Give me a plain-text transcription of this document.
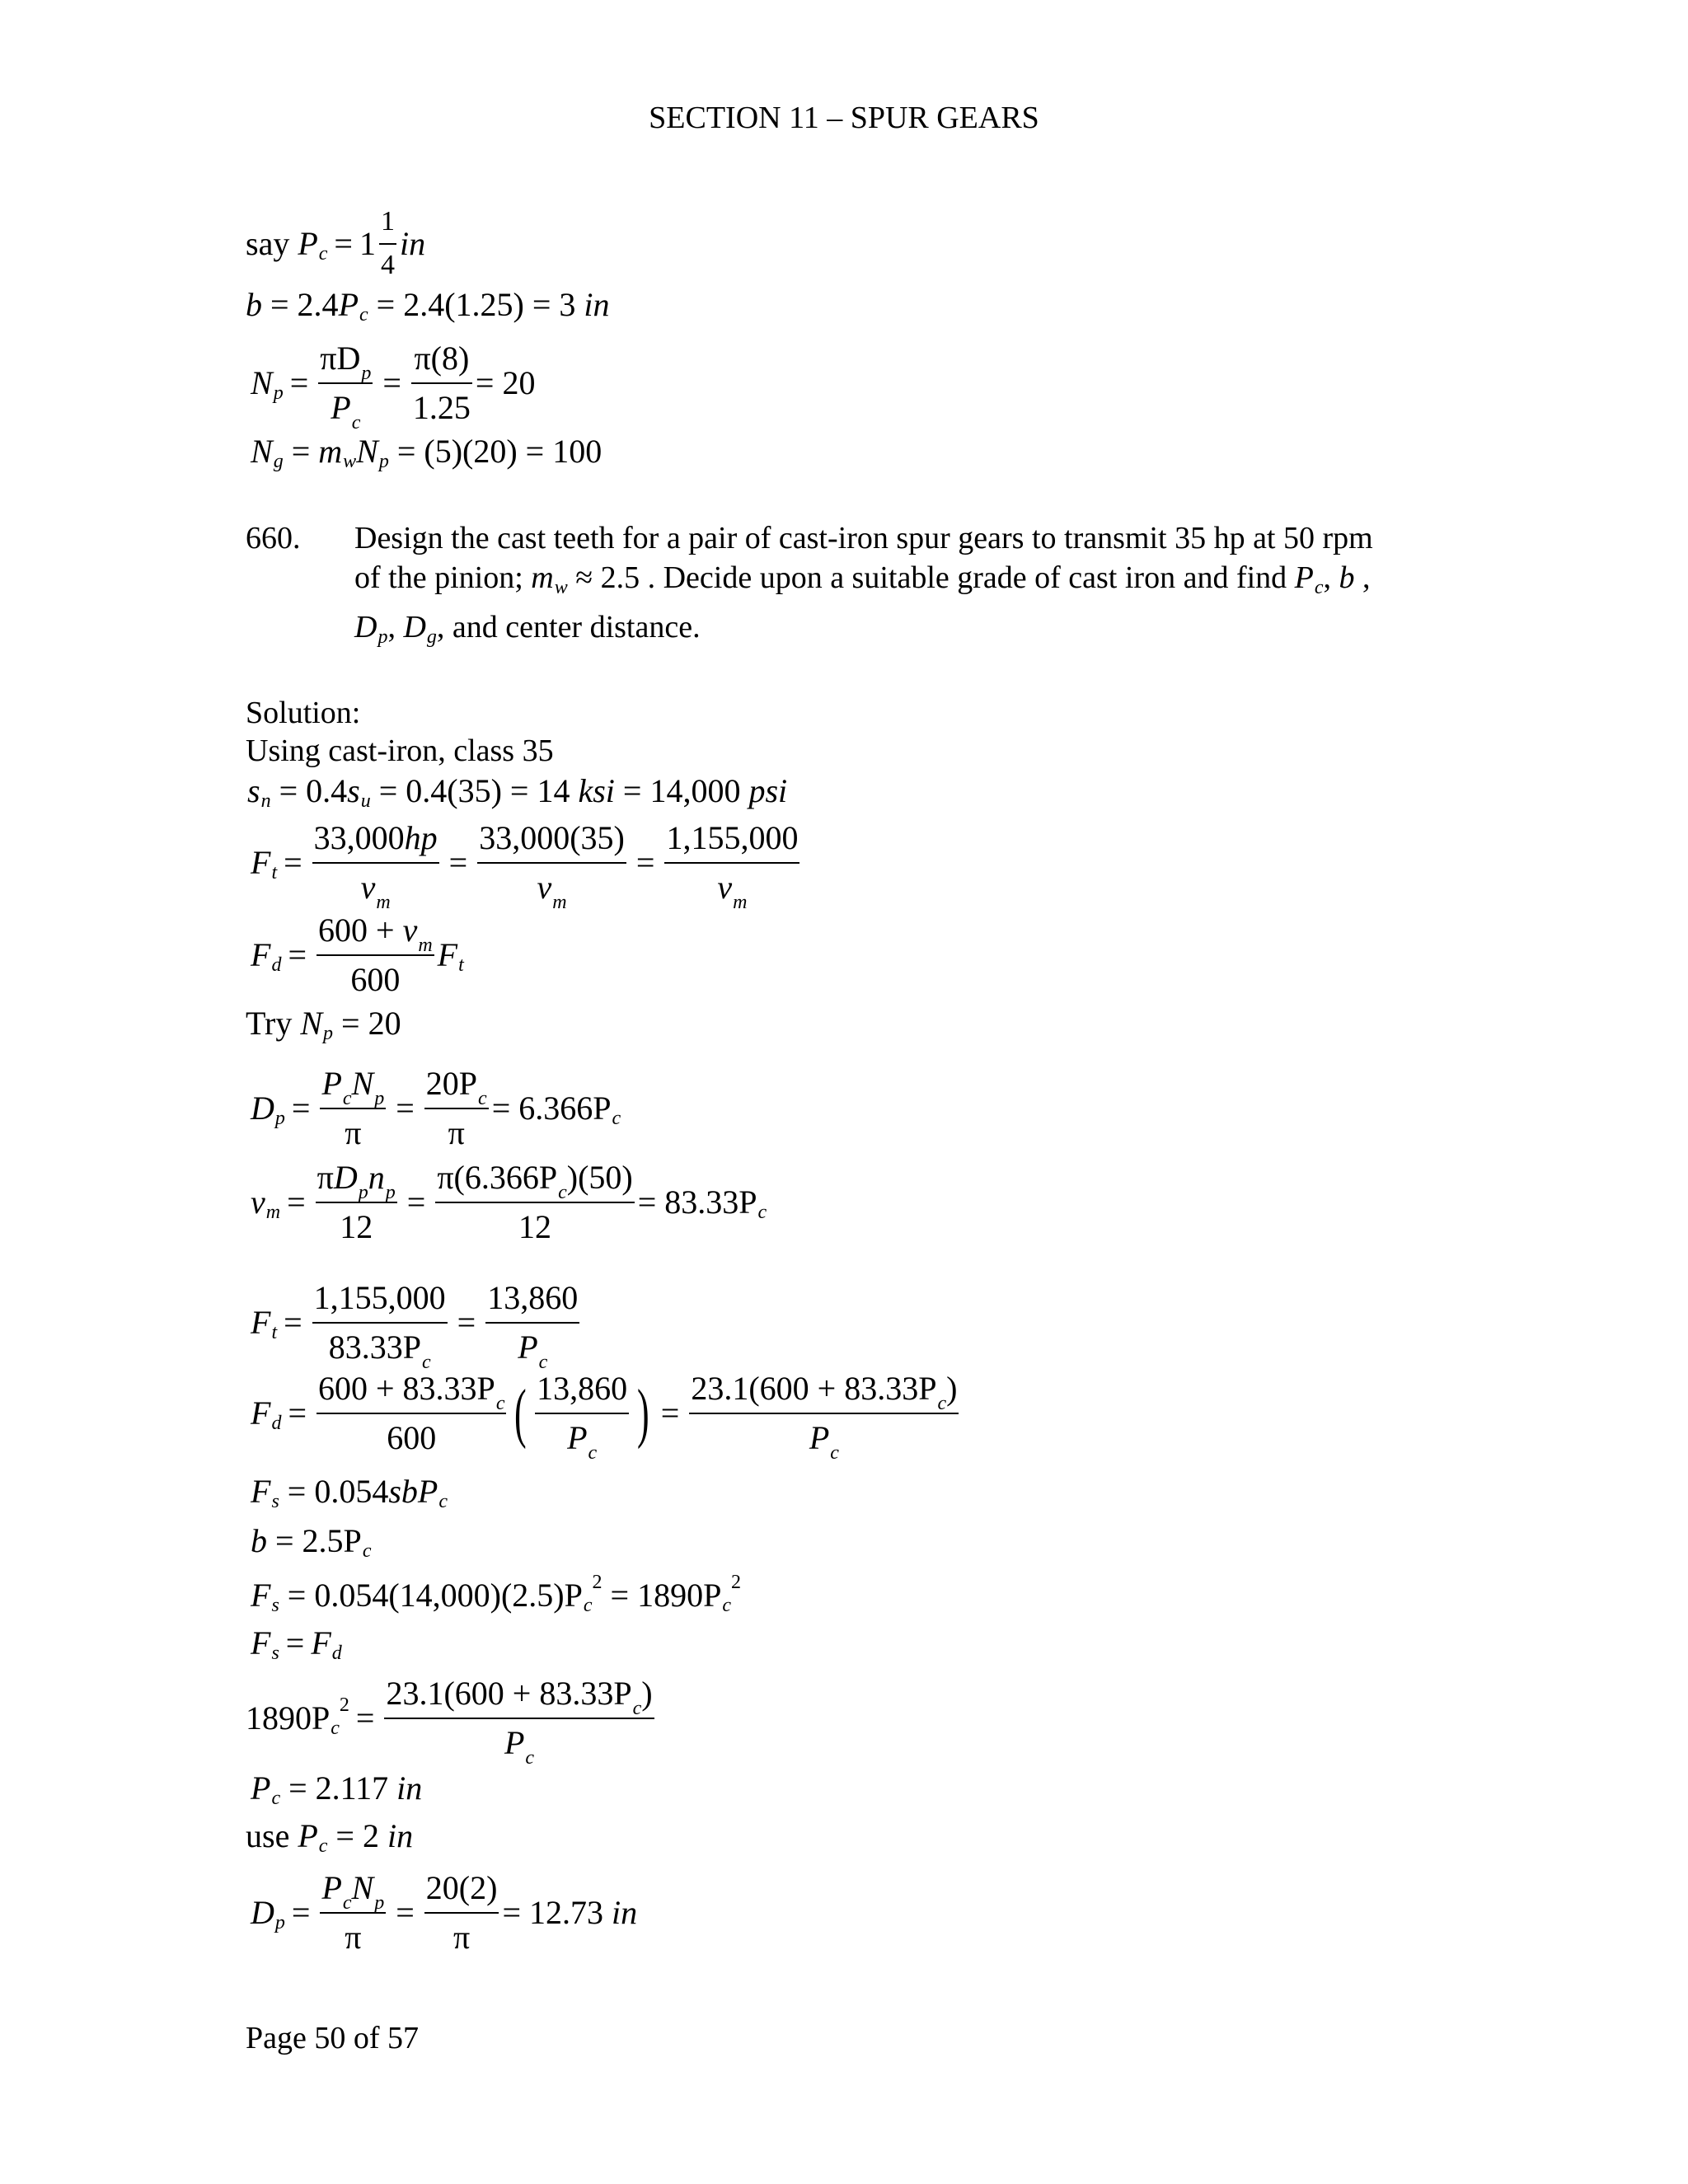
SECTION 11 – SPUR GEARS
say
P $c = 1 \frac{1}{4}$ in
b = 2.4 P c
= 2.4(1.25) = 3
in
N $p = \frac{\pi D_p}{P_c} = \frac{\pi(8)}{1.25} = 20$
N g = m w N p
= (5)(20) = 100
660. Design the cast teeth for a pair of cast-iron spur gears to transmit 35 hp at 50 rpm
of the pinion;
m w
≈ 2.5 . Decide upon a suitable grade of cast iron and find
P c , b ,
D p , D g , and center distance.
Solution:
Using cast-iron, class 35
s n = 0.4 s u
= 0.4(35) = 14
ksi
= 14,000
psi
F $t = \frac{33,000hp}{v_m} = \frac{33,000(35)}{v_m} = \frac{1,155,000}{v_m}$
F $d = \frac{600 + v_m}{600}$ F t
Try
N p
= 20
D $p = \frac{P_cN_p}{\pi} = \frac{20P_c}{\pi} = 6.366P$ c
v $m = \frac{\pi D_pn_p}{12} = \frac{\pi(6.366P_c)(50)}{12} = 83.33P$ c
F $t = \frac{1,155,000}{83.33P_c} = \frac{13,860}{P_c}$
F $d = \frac{600 + 83.33P_c}{600}$ ( $\frac{13,860}{P_c}$ ) = $\frac{23.1(600 + 83.33P_c)}{P_c}$
F s
= 0.054 sbP c
b
= 2.5P c
F s
= 0.054(14,000)(2.5)P c
2
= 1890P c
2
F s = F d
1890P c
$2 = \frac{23.1(600 + 83.33P_c)}{P_c}$
P c
= 2.117
in
use
P c
= 2
in
D $p = \frac{P_cN_p}{\pi} = \frac{20(2)}{\pi} = 12.73$
in
Page 50 of 57
